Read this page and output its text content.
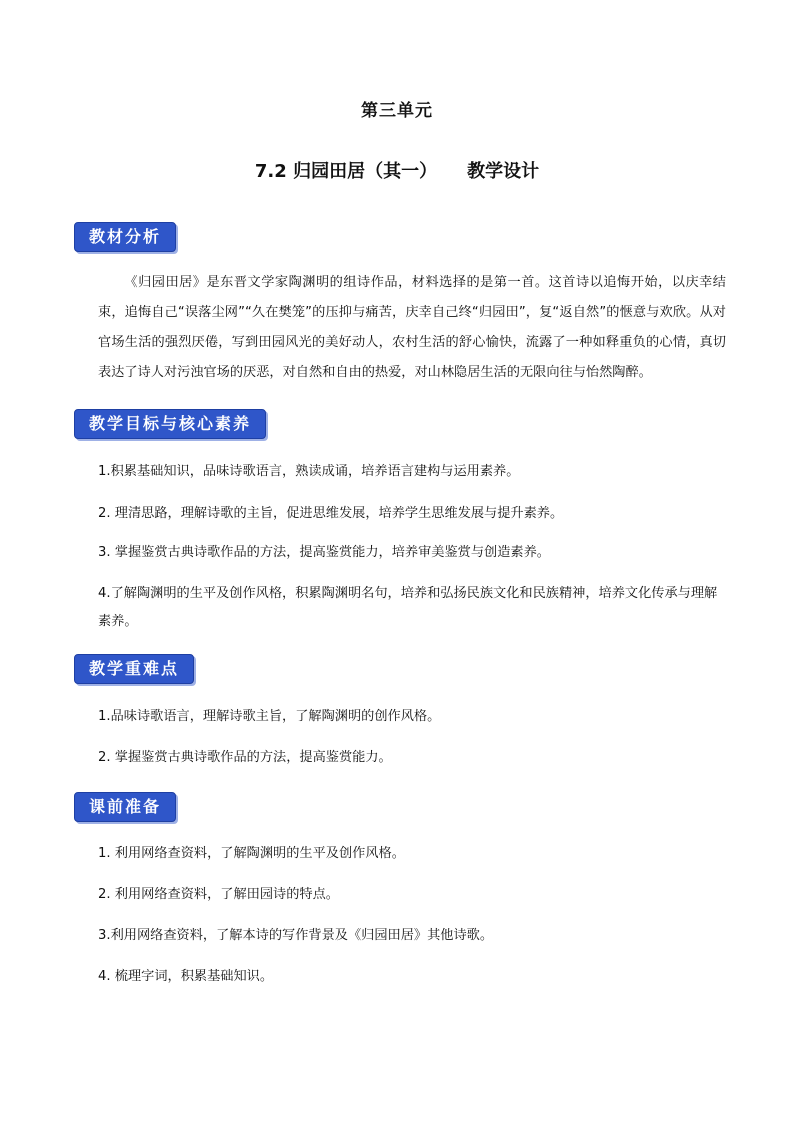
第三单元
7.2 归园田居（其一） 教学设计
教材分析
《归园田居》是东晋文学家陶渊明的组诗作品，材料选择的是第一首。这首诗以追悔开始，以庆幸结束，追悔自己“误落尘网”“久在樊笼”的压抑与痛苦，庆幸自己终“归园田”，复“返自然”的惬意与欢欣。从对官场生活的强烈厌倦，写到田园风光的美好动人，农村生活的舒心愉快，流露了一种如释重负的心情，真切表达了诗人对污浊官场的厌恶，对自然和自由的热爱，对山林隐居生活的无限向往与怡然陶醉。
教学目标与核心素养
1.积累基础知识，品味诗歌语言，熟读成诵，培养语言建构与运用素养。
2. 理清思路，理解诗歌的主旨，促进思维发展，培养学生思维发展与提升素养。
3. 掌握鉴赏古典诗歌作品的方法，提高鉴赏能力，培养审美鉴赏与创造素养。
4.了解陶渊明的生平及创作风格，积累陶渊明名句，培养和弘扬民族文化和民族精神，培养文化传承与理解素养。
教学重难点
1.品味诗歌语言，理解诗歌主旨，了解陶渊明的创作风格。
2. 掌握鉴赏古典诗歌作品的方法，提高鉴赏能力。
课前准备
1. 利用网络查资料，了解陶渊明的生平及创作风格。
2. 利用网络查资料，了解田园诗的特点。
3.利用网络查资料，了解本诗的写作背景及《归园田居》其他诗歌。
4. 梳理字词，积累基础知识。
